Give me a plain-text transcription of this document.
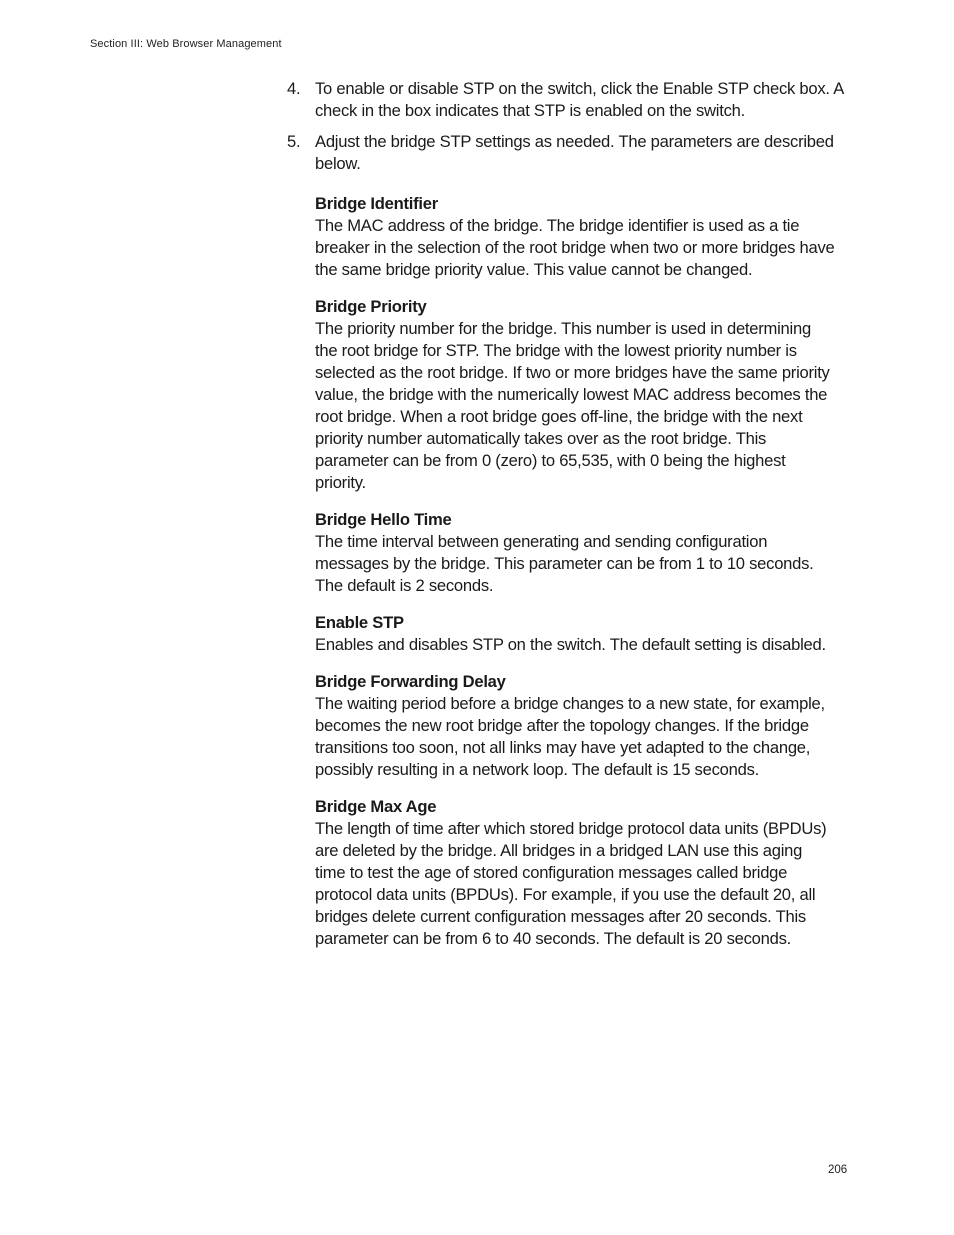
Section III: Web Browser Management
4. To enable or disable STP on the switch, click the Enable STP check box. A check in the box indicates that STP is enabled on the switch.
5. Adjust the bridge STP settings as needed. The parameters are described below.
Bridge Identifier
The MAC address of the bridge. The bridge identifier is used as a tie breaker in the selection of the root bridge when two or more bridges have the same bridge priority value. This value cannot be changed.
Bridge Priority
The priority number for the bridge. This number is used in determining the root bridge for STP. The bridge with the lowest priority number is selected as the root bridge. If two or more bridges have the same priority value, the bridge with the numerically lowest MAC address becomes the root bridge. When a root bridge goes off-line, the bridge with the next priority number automatically takes over as the root bridge. This parameter can be from 0 (zero) to 65,535, with 0 being the highest priority.
Bridge Hello Time
The time interval between generating and sending configuration messages by the bridge. This parameter can be from 1 to 10 seconds. The default is 2 seconds.
Enable STP
Enables and disables STP on the switch. The default setting is disabled.
Bridge Forwarding Delay
The waiting period before a bridge changes to a new state, for example, becomes the new root bridge after the topology changes. If the bridge transitions too soon, not all links may have yet adapted to the change, possibly resulting in a network loop. The default is 15 seconds.
Bridge Max Age
The length of time after which stored bridge protocol data units (BPDUs) are deleted by the bridge. All bridges in a bridged LAN use this aging time to test the age of stored configuration messages called bridge protocol data units (BPDUs). For example, if you use the default 20, all bridges delete current configuration messages after 20 seconds. This parameter can be from 6 to 40 seconds. The default is 20 seconds.
206
